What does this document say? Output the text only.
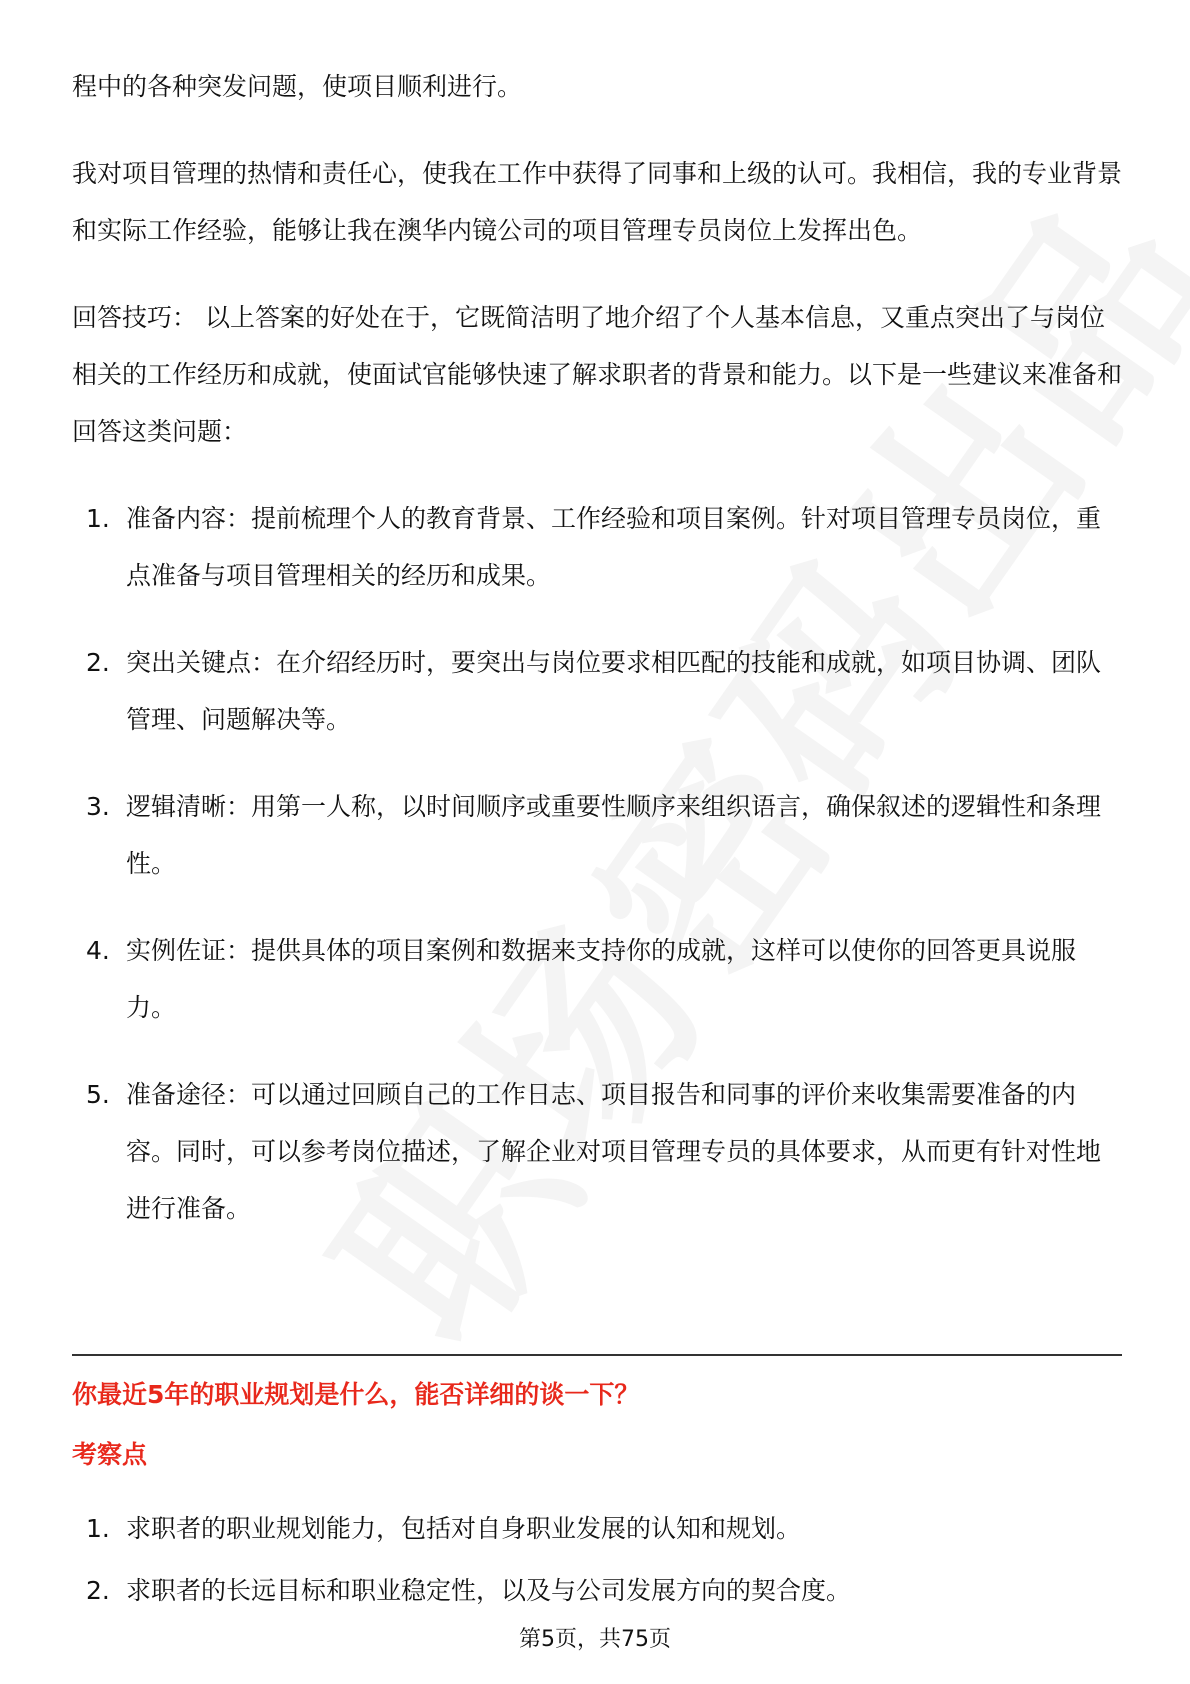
程中的各种突发问题，使项目顺利进行。

我对项目管理的热情和责任心，使我在工作中获得了同事和上级的认可。我相信，我的专业背景和实际工作经验，能够让我在澳华内镜公司的项目管理专员岗位上发挥出色。

回答技巧： 以上答案的好处在于，它既简洁明了地介绍了个人基本信息，又重点突出了与岗位相关的工作经历和成就，使面试官能够快速了解求职者的背景和能力。以下是一些建议来准备和回答这类问题：

1. 准备内容：提前梳理个人的教育背景、工作经验和项目案例。针对项目管理专员岗位，重点准备与项目管理相关的经历和成果。
2. 突出关键点：在介绍经历时，要突出与岗位要求相匹配的技能和成就，如项目协调、团队管理、问题解决等。
3. 逻辑清晰：用第一人称，以时间顺序或重要性顺序来组织语言，确保叙述的逻辑性和条理性。
4. 实例佐证：提供具体的项目案例和数据来支持你的成就，这样可以使你的回答更具说服力。
5. 准备途径：可以通过回顾自己的工作日志、项目报告和同事的评价来收集需要准备的内容。同时，可以参考岗位描述，了解企业对项目管理专员的具体要求，从而更有针对性地进行准备。
你最近5年的职业规划是什么，能否详细的谈一下？
考察点
1. 求职者的职业规划能力，包括对自身职业发展的认知和规划。
2. 求职者的长远目标和职业稳定性，以及与公司发展方向的契合度。
第5页，共75页
